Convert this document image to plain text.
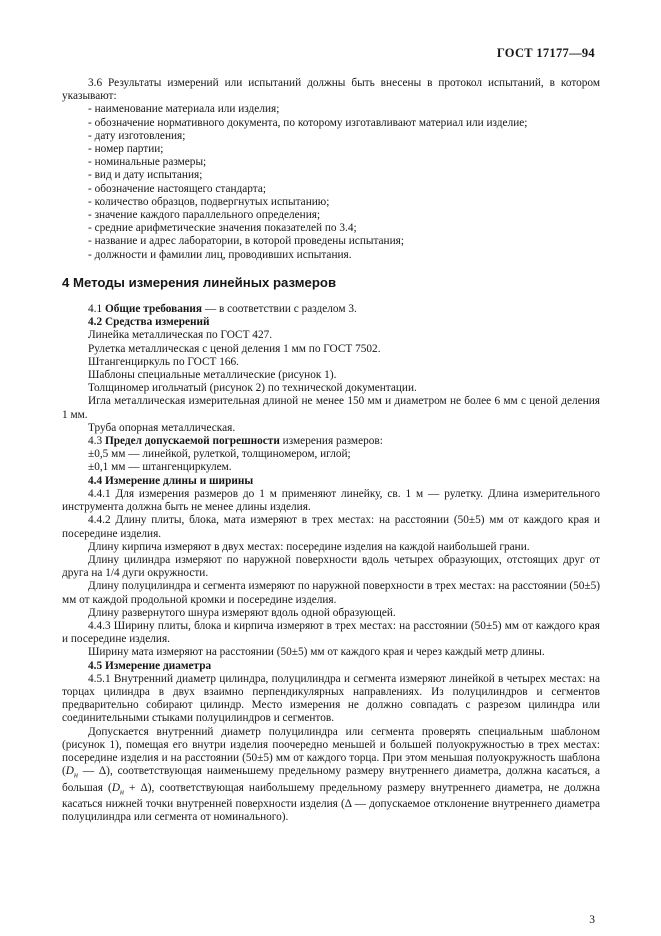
ГОСТ 17177—94

3.6 Результаты измерений или испытаний должны быть внесены в протокол испытаний, в котором указывают:

- наименование материала или изделия;

- обозначение нормативного документа, по которому изготавливают материал или изделие;

- дату изготовления;

- номер партии;

- номинальные размеры;

- вид и дату испытания;

- обозначение настоящего стандарта;

- количество образцов, подвергнутых испытанию;

- значение каждого параллельного определения;

- средние арифметические значения показателей по 3.4;

- название и адрес лаборатории, в которой проведены испытания;

- должности и фамилии лиц, проводивших испытания.

4 Методы измерения линейных размеров

4.1 Общие требования — в соответствии с разделом 3.

4.2 Средства измерений

Линейка металлическая по ГОСТ 427.

Рулетка металлическая с ценой деления 1 мм по ГОСТ 7502.

Штангенциркуль по ГОСТ 166.

Шаблоны специальные металлические (рисунок 1).

Толщиномер игольчатый (рисунок 2) по технической документации.

Игла металлическая измерительная длиной не менее 150 мм и диаметром не более 6 мм с ценой деления 1 мм.

Труба опорная металлическая.

4.3 Предел допускаемой погрешности измерения размеров:

±0,5 мм — линейкой, рулеткой, толщиномером, иглой;

±0,1 мм — штангенциркулем.

4.4 Измерение длины и ширины

4.4.1 Для измерения размеров до 1 м применяют линейку, св. 1 м — рулетку. Длина измерительного инструмента должна быть не менее длины изделия.

4.4.2 Длину плиты, блока, мата измеряют в трех местах: на расстоянии (50±5) мм от каждого края и посередине изделия.

Длину кирпича измеряют в двух местах: посередине изделия на каждой наибольшей грани.

Длину цилиндра измеряют по наружной поверхности вдоль четырех образующих, отстоящих друг от друга на 1/4 дуги окружности.

Длину полуцилиндра и сегмента измеряют по наружной поверхности в трех местах: на расстоянии (50±5) мм от каждой продольной кромки и посередине изделия.

Длину развернутого шнура измеряют вдоль одной образующей.

4.4.3 Ширину плиты, блока и кирпича измеряют в трех местах: на расстоянии (50±5) мм от каждого края и посередине изделия.

Ширину мата измеряют на расстоянии (50±5) мм от каждого края и через каждый метр длины.

4.5 Измерение диаметра

4.5.1 Внутренний диаметр цилиндра, полуцилиндра и сегмента измеряют линейкой в четырех местах: на торцах цилиндра в двух взаимно перпендикулярных направлениях. Из полуцилиндров и сегментов предварительно собирают цилиндр. Место измерения не должно совпадать с разрезом цилиндра или соединительными стыками полуцилиндров и сегментов.

Допускается внутренний диаметр полуцилиндра или сегмента проверять специальным шаблоном (рисунок 1), помещая его внутри изделия поочередно меньшей и большей полуокружностью в трех местах: посередине изделия и на расстоянии (50±5) мм от каждого торца. При этом меньшая полуокружность шаблона ($D_н$ — Δ), соответствующая наименьшему предельному размеру внутреннего диаметра, должна касаться, а большая $(D_н + \Delta)$, соответствующая наибольшему предельному размеру внутреннего диаметра, не должна касаться нижней точки внутренней поверхности изделия (Δ — допускаемое отклонение внутреннего диаметра полуцилиндра или сегмента от номинального).

3
